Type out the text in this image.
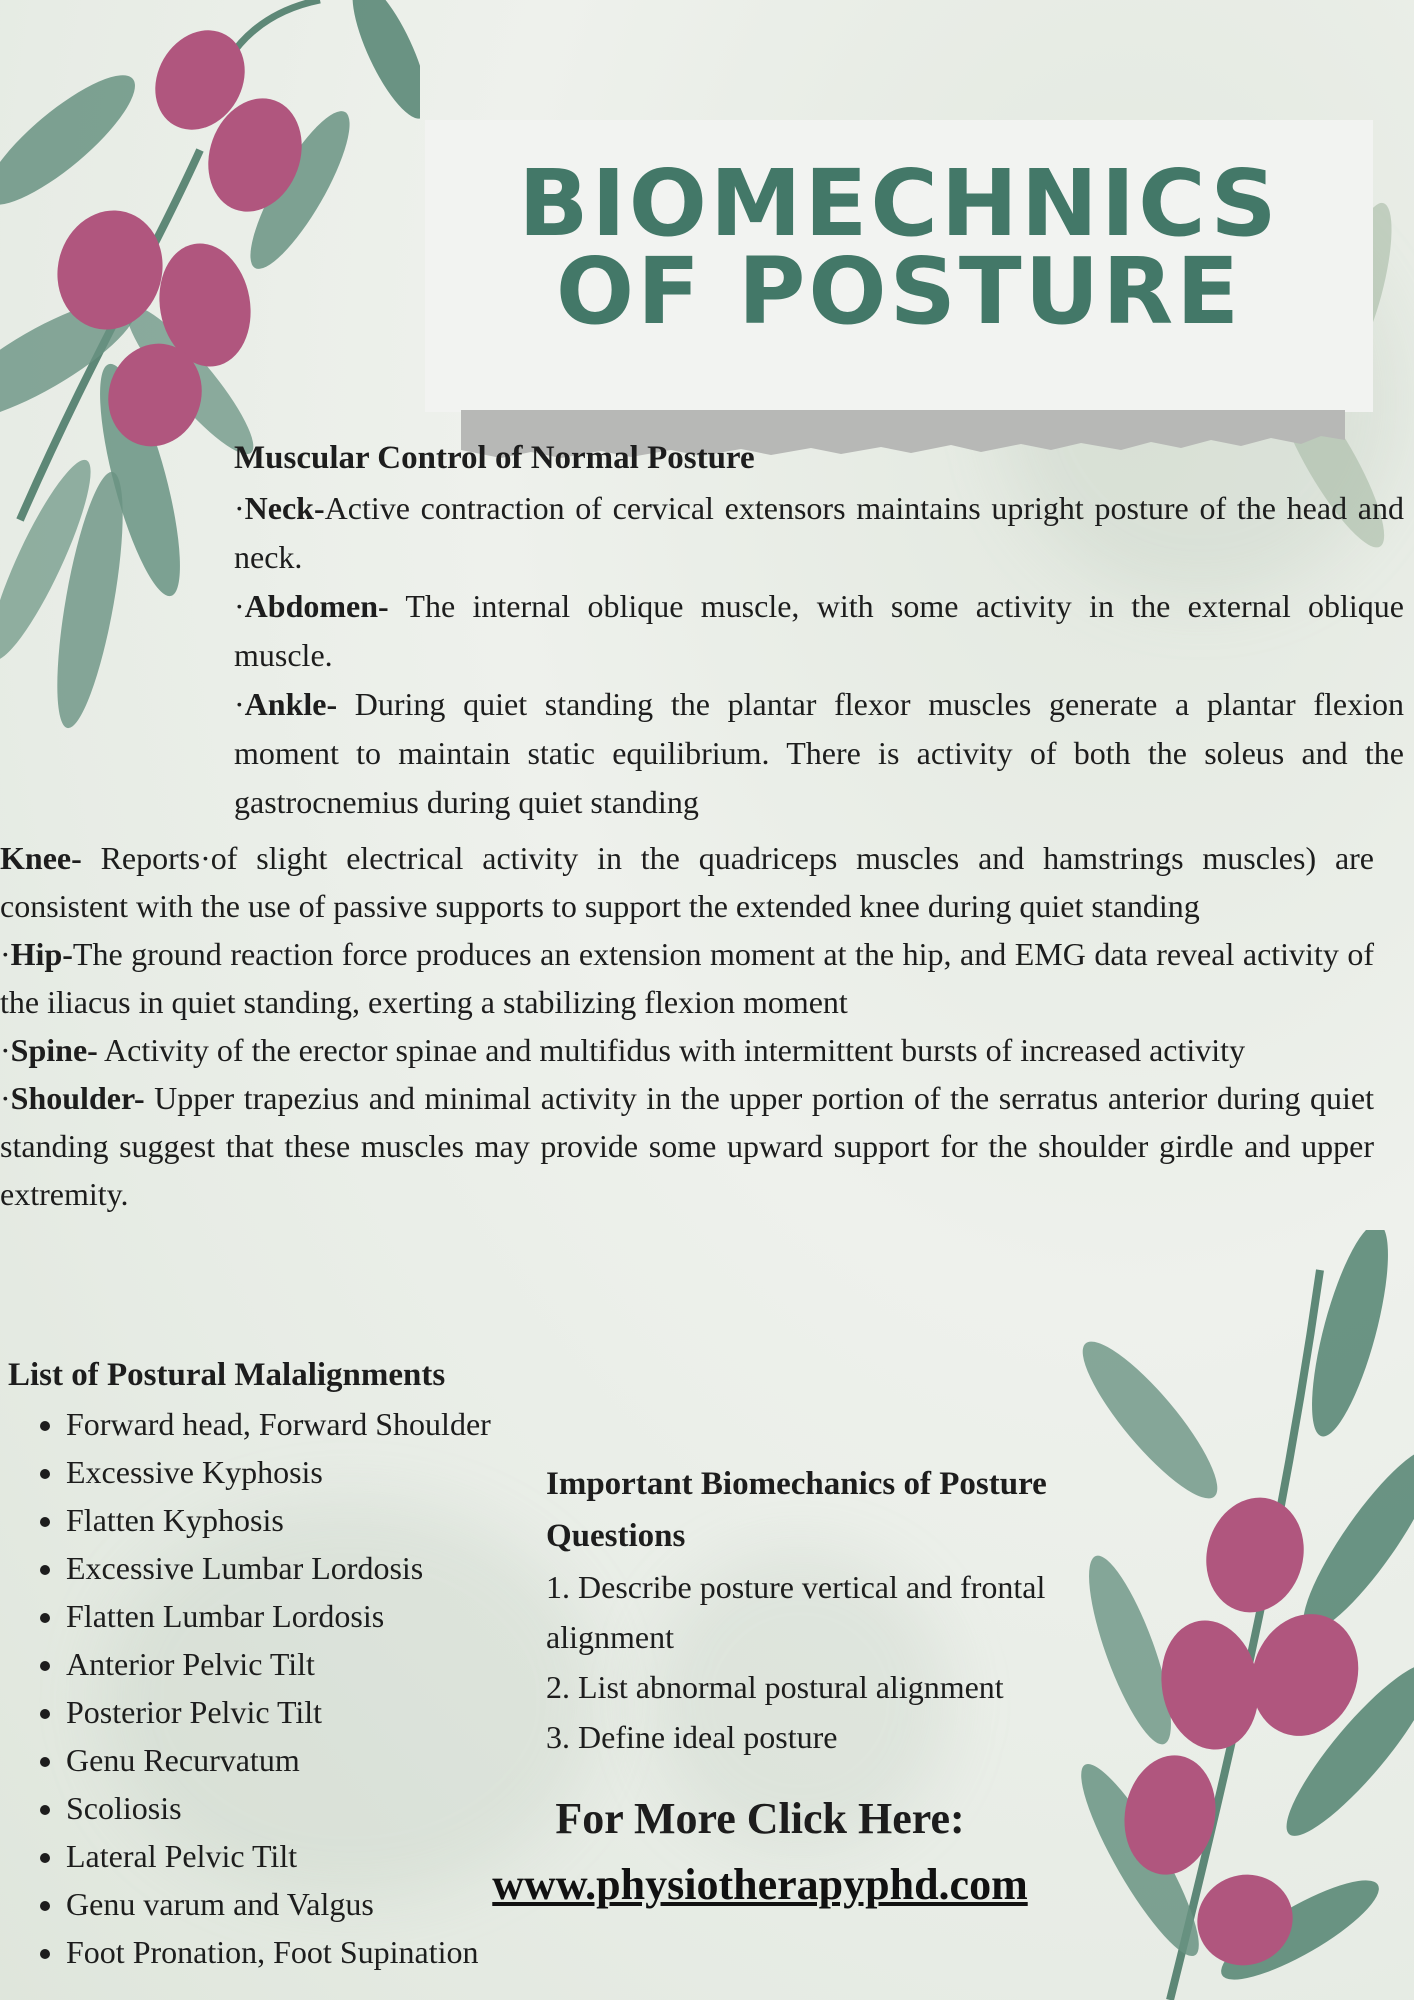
BIOMECHNICS
OF POSTURE
Muscular Control of Normal Posture

·Neck-Active contraction of cervical extensors maintains upright posture of the head and neck.

·Abdomen- The internal oblique muscle, with some activity in the external oblique muscle.

·Ankle- During quiet standing the plantar flexor muscles generate a plantar flexion moment to maintain static equilibrium. There is activity of both the soleus and the gastrocnemius during quiet standing

Knee- Reports·of slight electrical activity in the quadriceps muscles and hamstrings muscles) are consistent with the use of passive supports to support the extended knee during quiet standing

·Hip-The ground reaction force produces an extension moment at the hip, and EMG data reveal activity of the iliacus in quiet standing, exerting a stabilizing flexion moment

·Spine- Activity of the erector spinae and multifidus with intermittent bursts of increased activity

·Shoulder- Upper trapezius and minimal activity in the upper portion of the serratus anterior during quiet standing suggest that these muscles may provide some upward support for the shoulder girdle and upper extremity.

List of Postural Malalignments
• Forward head, Forward Shoulder
• Excessive Kyphosis
• Flatten Kyphosis
• Excessive Lumbar Lordosis
• Flatten Lumbar Lordosis
• Anterior Pelvic Tilt
• Posterior Pelvic Tilt
• Genu Recurvatum
• Scoliosis
• Lateral Pelvic Tilt
• Genu varum and Valgus
• Foot Pronation, Foot Supination
Important Biomechanics of Posture Questions

1. Describe posture vertical and frontal alignment

2. List abnormal postural alignment

3. Define ideal posture

For More Click Here:
www.physiotherapyphd.com
